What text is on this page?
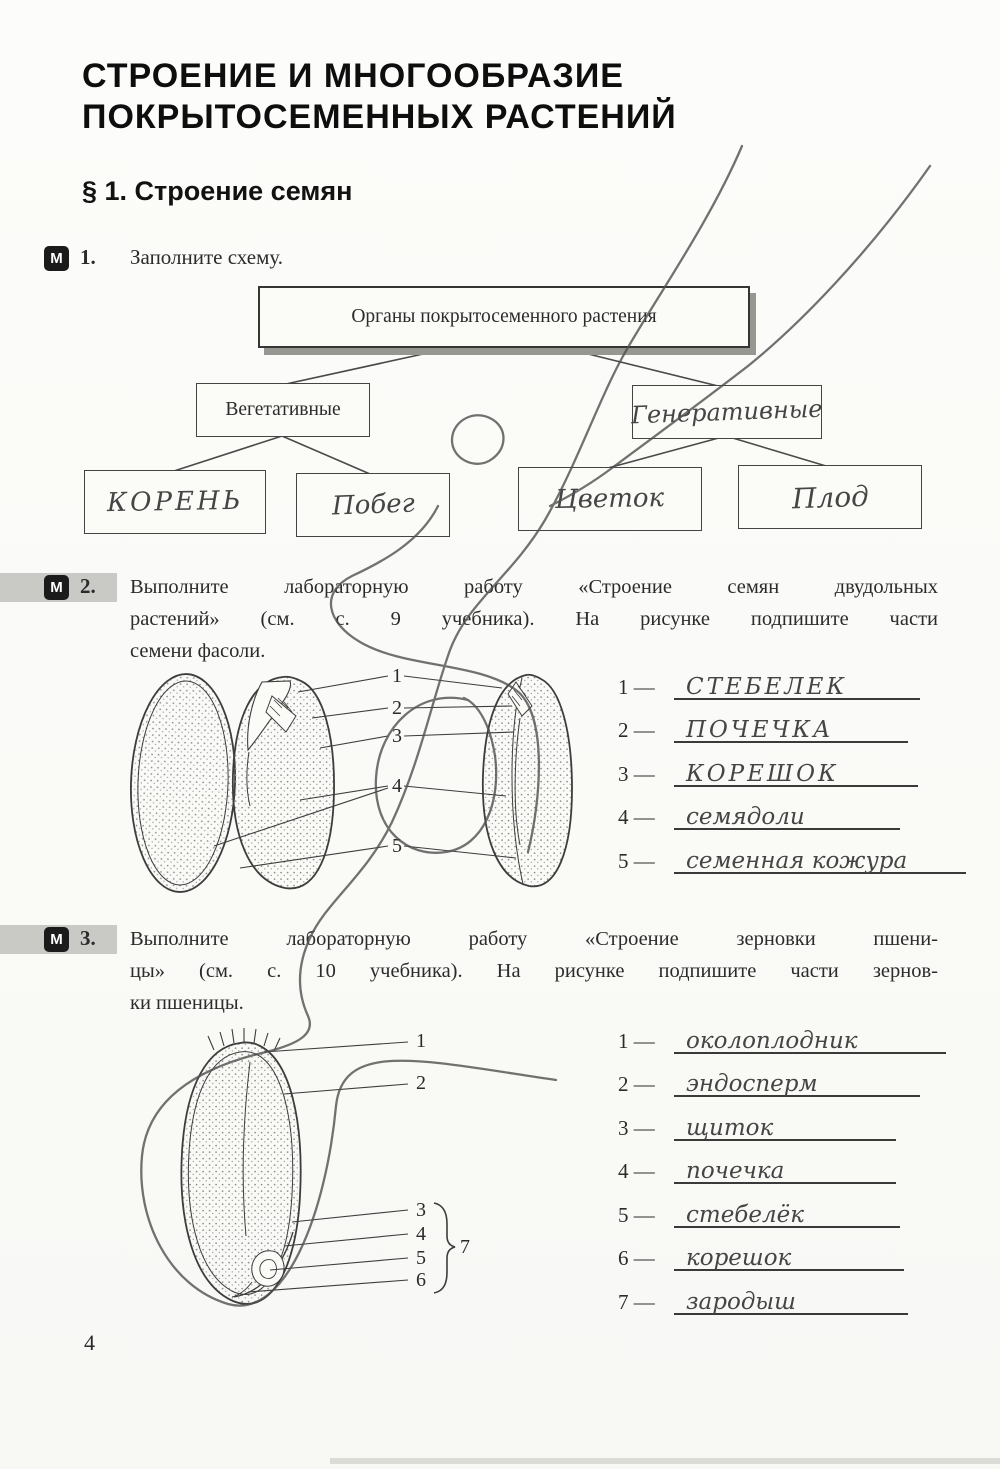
СТРОЕНИЕ И МНОГООБРАЗИЕ
ПОКРЫТОСЕМЕННЫХ РАСТЕНИЙ
§ 1. Строение семян
М 1. Заполните схему.
Органы покрытосеменного растения
Вегетативные	Генеративные
КОРЕНЬ	Побег	Цветок	Плод
М 2. Выполните лабораторную работу «Строение семян двудольных
растений» (см. с. 9 учебника). На рисунке подпишите части
семени фасоли.
1
2
3
4
5
1 —	СТЕБЕЛЕК
2 —	ПОЧЕЧКА
3 —	КОРЕШОК
4 —	семядоли
5 —	семенная кожура
М 3. Выполните лабораторную работу «Строение зерновки пшени-
цы» (см. с. 10 учебника). На рисунке подпишите части зернов-
ки пшеницы.
1
2
3
4
5
6
7
1 —	околоплодник
2 —	эндосперм
3 —	щиток
4 —	почечка
5 —	стебелёк
6 —	корешок
7 —	зародыш
4
